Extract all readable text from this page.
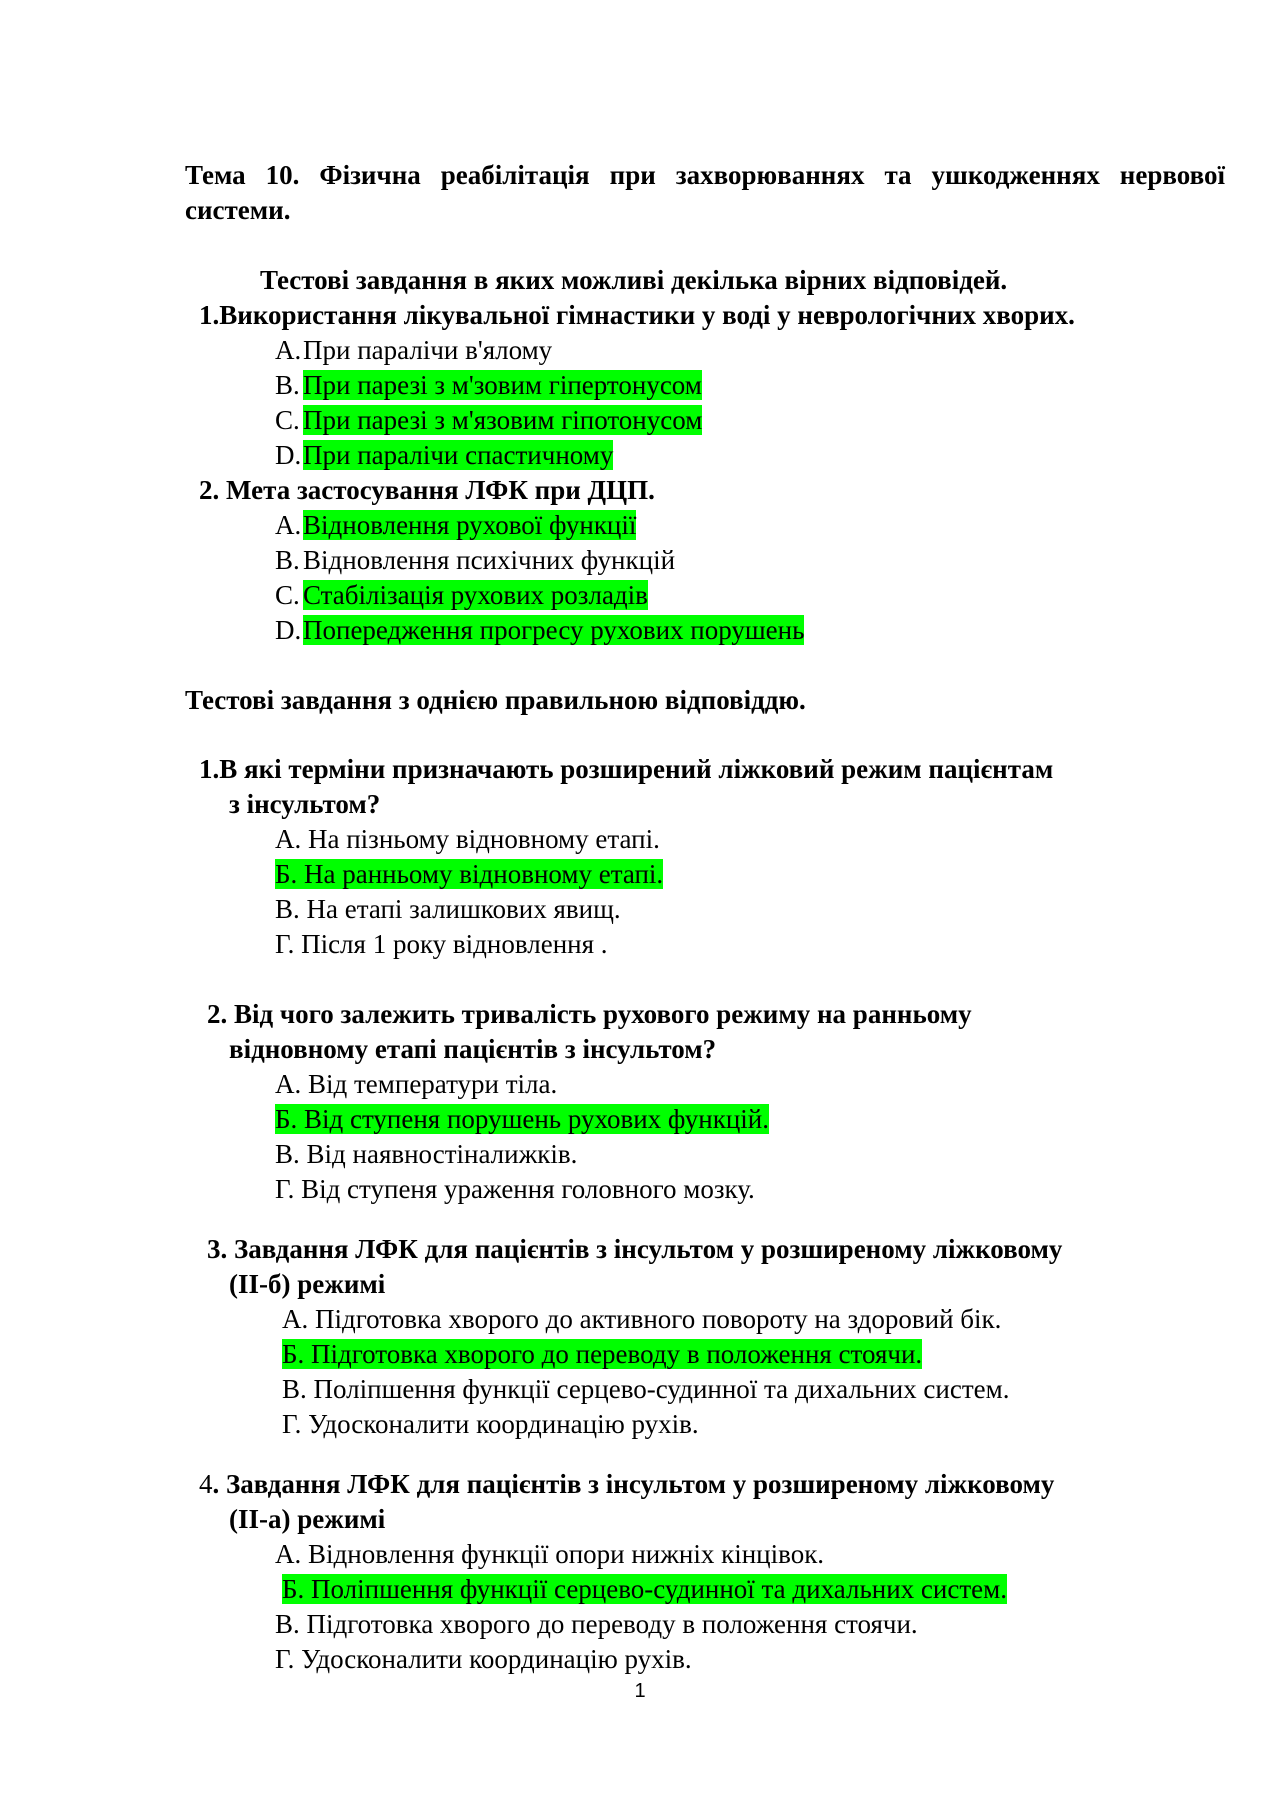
Тема 10. Фізична реабілітація при захворюваннях та ушкодженнях нервової системи.
Тестові завдання в яких можливі декілька вірних відповідей.
1.Використання лікувальної гімнастики у воді у неврологічних хворих.
A.При паралічи в'ялому
B. При парезі з м'зовим гіпертонусом
C. При парезі з м'язовим гіпотонусом
D.При паралічи спастичному
2. Мета застосування ЛФК при ДЦП.
A.Відновлення рухової функції
B. Відновлення психічних функцій
C. Стабілізація рухових розладів
D.Попередження прогресу рухових порушень
Тестові завдання з однією правильною відповіддю.
1.В які терміни призначають розширений ліжковий режим пацієнтам
з інсультом?
А. На пізньому відновному етапі.
Б. На ранньому відновному етапі.
В. На етапі залишкових явищ.
Г. Після 1 року відновлення .
2. Від чого залежить тривалість рухового режиму на ранньому
відновному етапі пацієнтів з інсультом?
А. Від температури тіла.
Б. Від ступеня порушень рухових функцій.
В. Від наявностіналижків.
Г. Від ступеня ураження головного мозку.
3. Завдання ЛФК для пацієнтів з інсультом у розширеному ліжковому
(ІІ-б) режимі
А. Підготовка хворого до активного повороту на здоровий бік.
Б. Підготовка хворого до переводу в положення стоячи.
В. Поліпшення функції серцево-судинної та дихальних систем.
Г. Удосконалити координацію рухів.
4. Завдання ЛФК для пацієнтів з інсультом у розширеному ліжковому
(ІІ-а) режимі
А. Відновлення функції опори нижніх кінцівок.
Б. Поліпшення функції серцево-судинної та дихальних систем.
В. Підготовка хворого до переводу в положення стоячи.
Г. Удосконалити координацію рухів.
1
